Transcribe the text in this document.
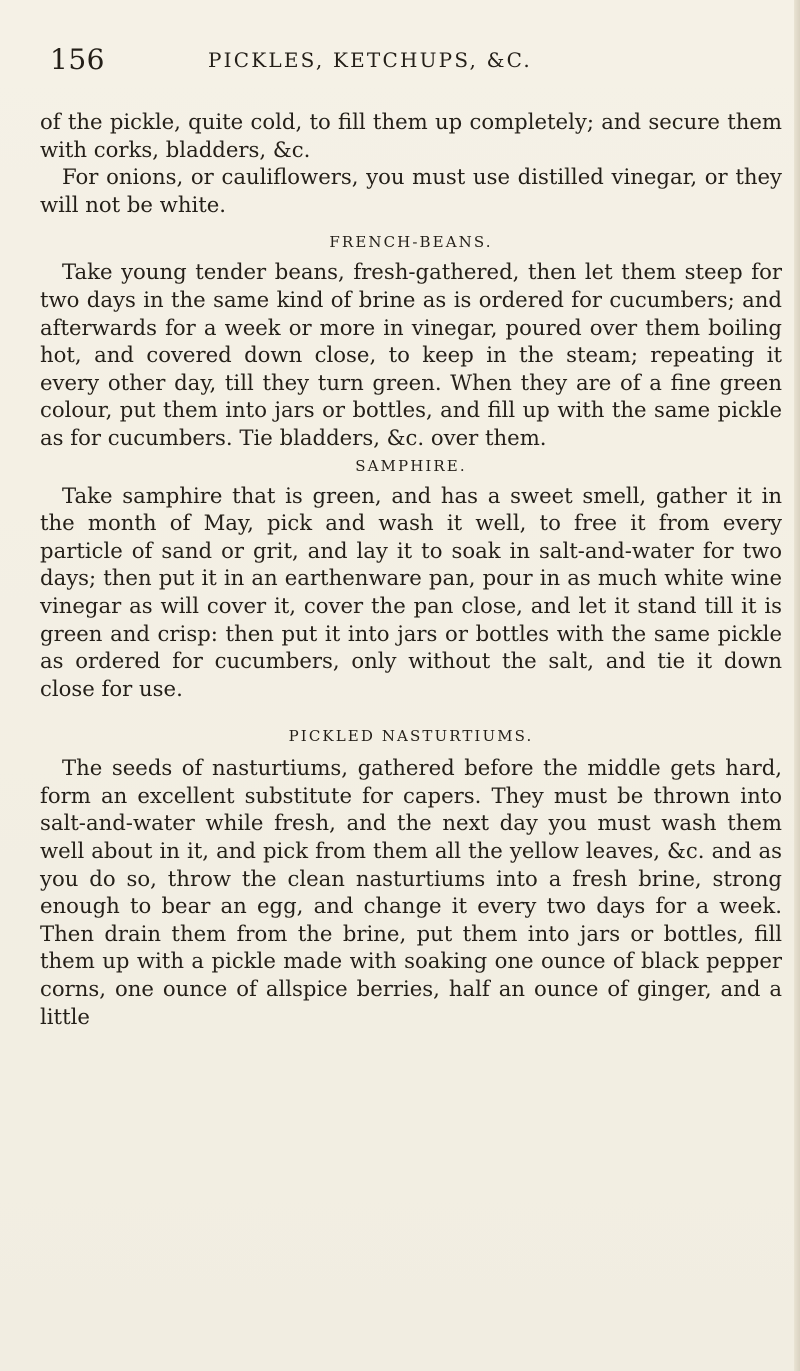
156	PICKLES, KETCHUPS, &C.

of the pickle, quite cold, to fill them up completely; and secure them with corks, bladders, &c.

For onions, or cauliflowers, you must use distilled vinegar, or they will not be white.

FRENCH-BEANS.

Take young tender beans, fresh-gathered, then let them steep for two days in the same kind of brine as is ordered for cucumbers; and afterwards for a week or more in vinegar, poured over them boiling hot, and covered down close, to keep in the steam; repeating it every other day, till they turn green. When they are of a fine green colour, put them into jars or bottles, and fill up with the same pickle as for cucumbers. Tie bladders, &c. over them.

SAMPHIRE.

Take samphire that is green, and has a sweet smell, gather it in the month of May, pick and wash it well, to free it from every particle of sand or grit, and lay it to soak in salt-and-water for two days; then put it in an earthenware pan, pour in as much white wine vinegar as will cover it, cover the pan close, and let it stand till it is green and crisp: then put it into jars or bottles with the same pickle as ordered for cucumbers, only without the salt, and tie it down close for use.

PICKLED NASTURTIUMS.

The seeds of nasturtiums, gathered before the middle gets hard, form an excellent substitute for capers. They must be thrown into salt-and-water while fresh, and the next day you must wash them well about in it, and pick from them all the yellow leaves, &c. and as you do so, throw the clean nasturtiums into a fresh brine, strong enough to bear an egg, and change it every two days for a week. Then drain them from the brine, put them into jars or bottles, fill them up with a pickle made with soaking one ounce of black pepper corns, one ounce of allspice berries, half an ounce of ginger, and a little
